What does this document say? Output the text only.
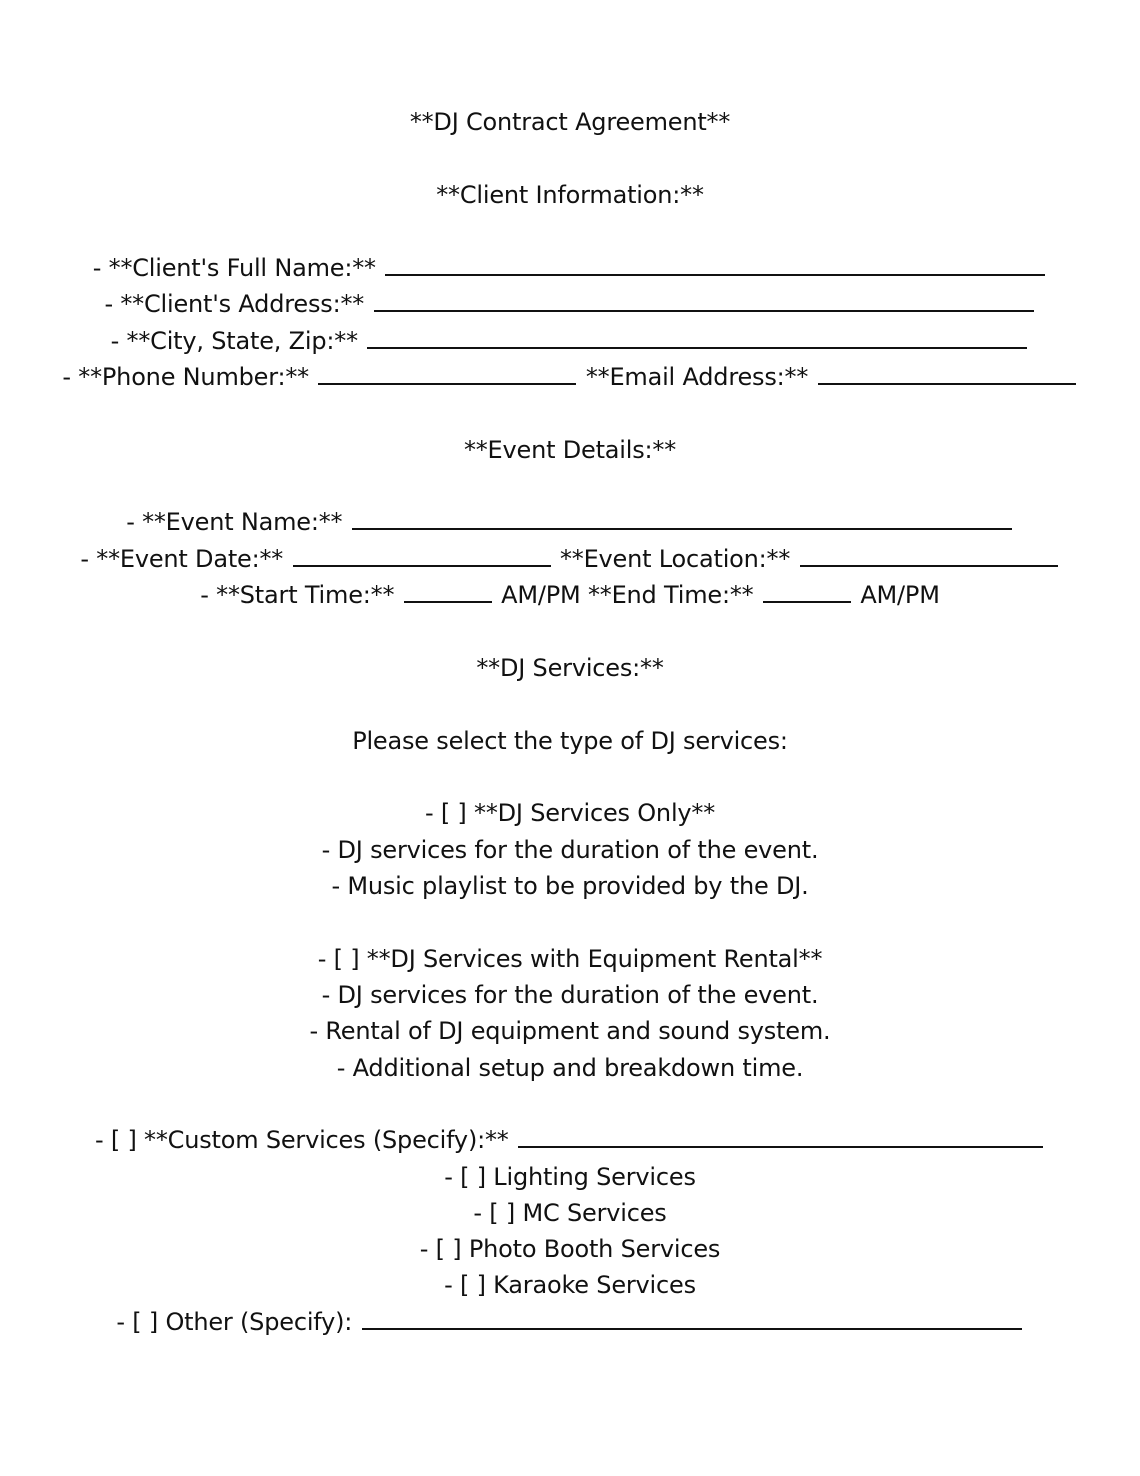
**DJ Contract Agreement**
**Client Information:**
- **Client's Full Name:**
- **Client's Address:**
- **City, State, Zip:**
- **Phone Number:**	**Email Address:**
**Event Details:**
- **Event Name:**
- **Event Date:**	**Event Location:**
- **Start Time:**	AM/PM **End Time:**	AM/PM
**DJ Services:**
Please select the type of DJ services:
- [ ] **DJ Services Only**
- DJ services for the duration of the event.
- Music playlist to be provided by the DJ.
- [ ] **DJ Services with Equipment Rental**
- DJ services for the duration of the event.
- Rental of DJ equipment and sound system.
- Additional setup and breakdown time.
- [ ] **Custom Services (Specify):**
- [ ] Lighting Services
- [ ] MC Services
- [ ] Photo Booth Services
- [ ] Karaoke Services
- [ ] Other (Specify):
